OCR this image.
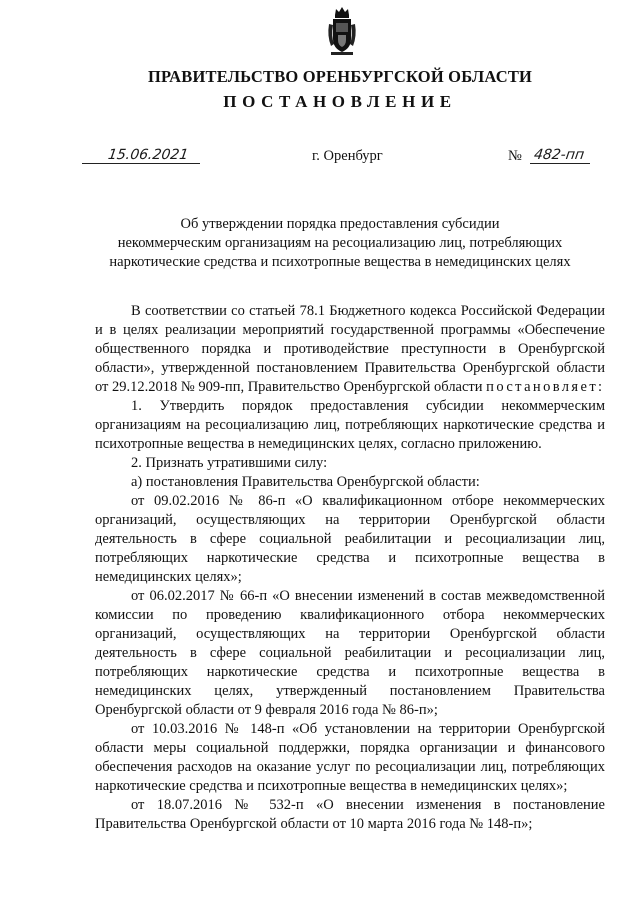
ПРАВИТЕЛЬСТВО ОРЕНБУРГСКОЙ ОБЛАСТИ
ПОСТАНОВЛЕНИЕ
15.06.2021	г. Оренбург	№ 482-пп
Об утверждении порядка предоставления субсидии
некоммерческим организациям на ресоциализацию лиц, потребляющих
наркотические средства и психотропные вещества в немедицинских целях

В соответствии со статьей 78.1 Бюджетного кодекса Российской Федерации и в целях реализации мероприятий государственной программы «Обеспечение общественного порядка и противодействие преступности в Оренбургской области», утвержденной постановлением Правительства Оренбургской области от 29.12.2018 № 909-пп, Правительство Оренбургской области постановляет:

1. Утвердить порядок предоставления субсидии некоммерческим организациям на ресоциализацию лиц, потребляющих наркотические средства и психотропные вещества в немедицинских целях, согласно приложению.

2. Признать утратившими силу:

а) постановления Правительства Оренбургской области:

от 09.02.2016 № 86-п «О квалификационном отборе некоммерческих организаций, осуществляющих на территории Оренбургской области деятельность в сфере социальной реабилитации и ресоциализации лиц, потребляющих наркотические средства и психотропные вещества в немедицинских целях»;

от 06.02.2017 № 66-п «О внесении изменений в состав межведомственной комиссии по проведению квалификационного отбора некоммерческих организаций, осуществляющих на территории Оренбургской области деятельность в сфере социальной реабилитации и ресоциализации лиц, потребляющих наркотические средства и психотропные вещества в немедицинских целях, утвержденный постановлением Правительства Оренбургской области от 9 февраля 2016 года № 86-п»;

от 10.03.2016 № 148-п «Об установлении на территории Оренбургской области меры социальной поддержки, порядка организации и финансового обеспечения расходов на оказание услуг по ресоциализации лиц, потребляющих наркотические средства и психотропные вещества в немедицинских целях»;

от 18.07.2016 № 532-п «О внесении изменения в постановление Правительства Оренбургской области от 10 марта 2016 года № 148-п»;
